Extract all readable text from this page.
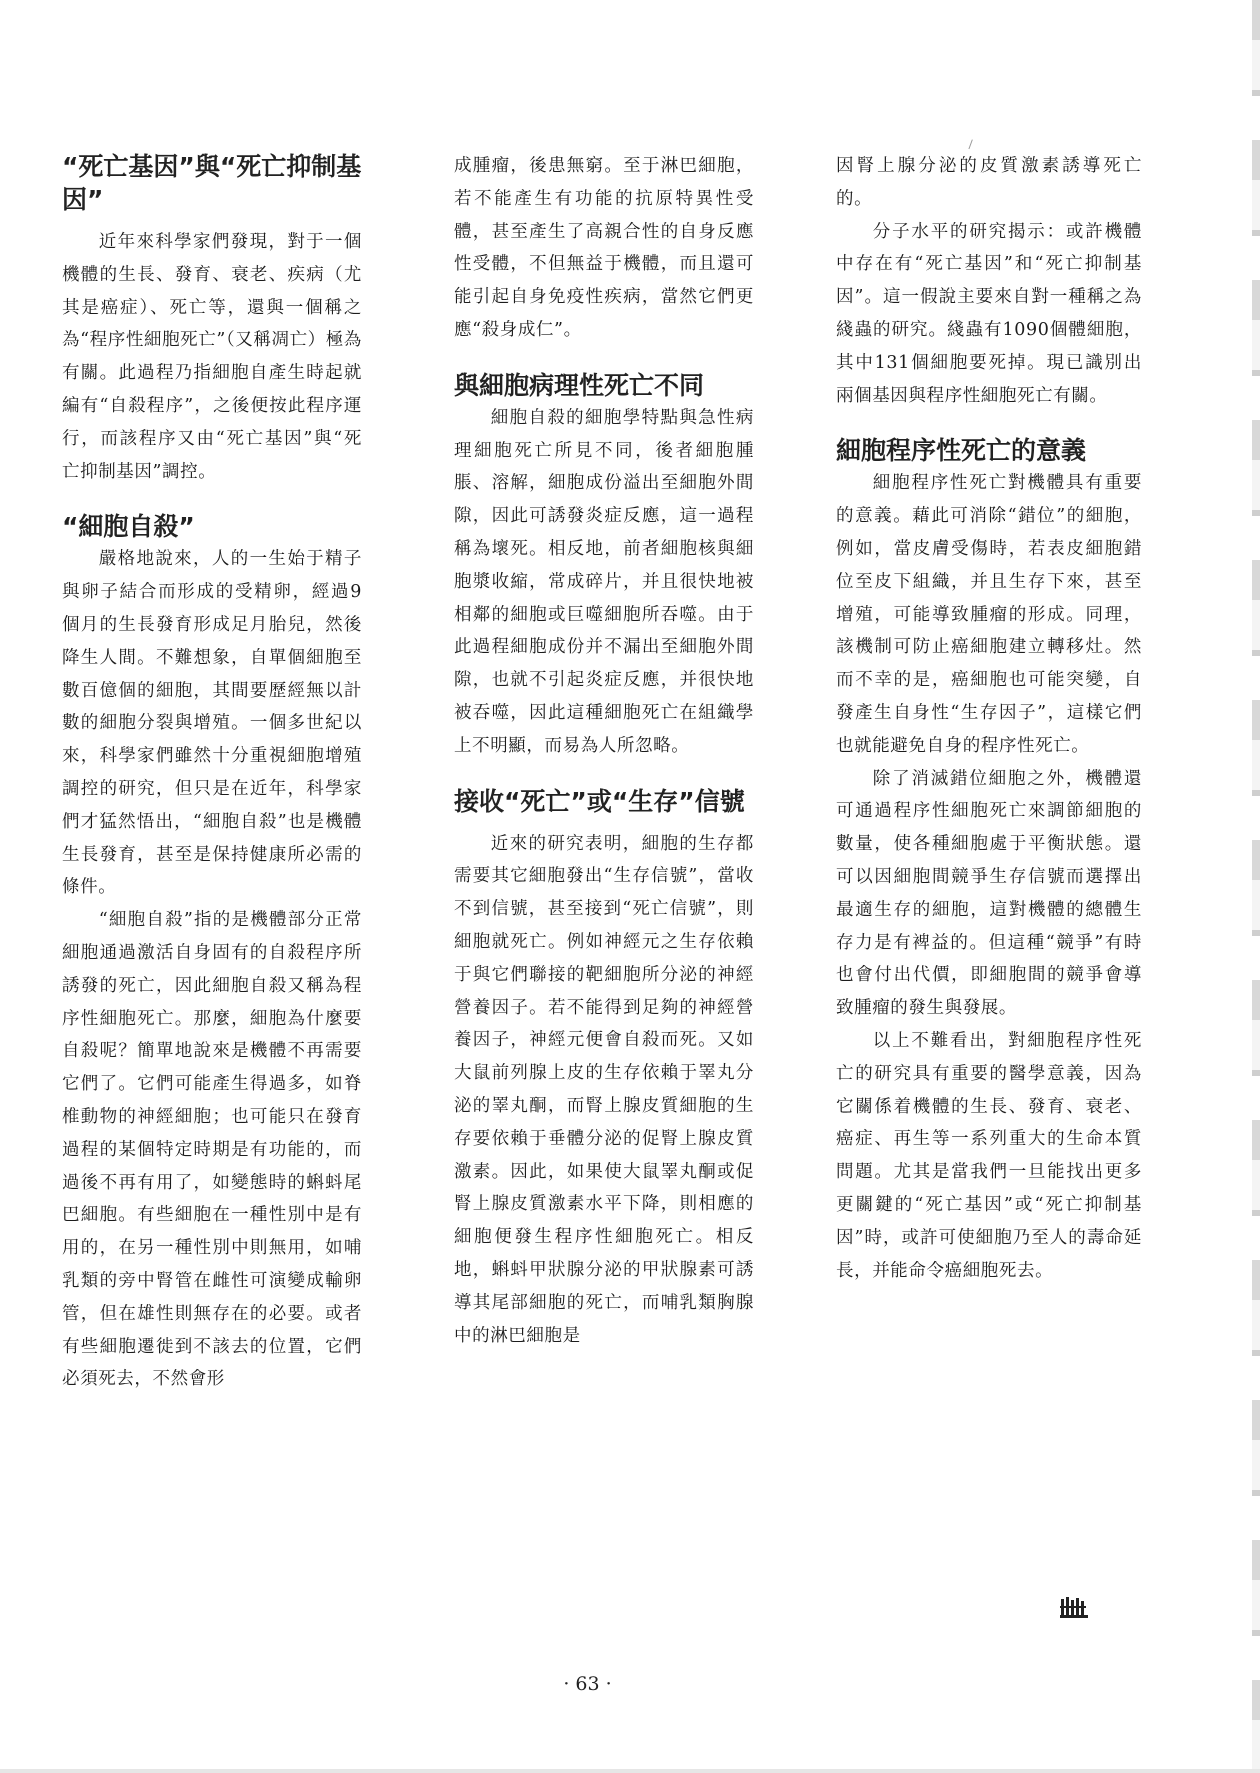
“死亡基因”與“死亡抑制基因”

近年來科學家們發現，對于一個機體的生長、發育、衰老、疾病（尤其是癌症）、死亡等，還與一個稱之為“程序性細胞死亡”（又稱凋亡）極為有關。此過程乃指細胞自產生時起就編有“自殺程序”，之後便按此程序運行，而該程序又由“死亡基因”與“死亡抑制基因”調控。

“細胞自殺”

嚴格地說來，人的一生始于精子與卵子結合而形成的受精卵，經過9個月的生長發育形成足月胎兒，然後降生人間。不難想象，自單個細胞至數百億個的細胞，其間要歷經無以計數的細胞分裂與增殖。一個多世紀以來，科學家們雖然十分重視細胞增殖調控的研究，但只是在近年，科學家們才猛然悟出，“細胞自殺”也是機體生長發育，甚至是保持健康所必需的條件。

“細胞自殺”指的是機體部分正常細胞通過激活自身固有的自殺程序所誘發的死亡，因此細胞自殺又稱為程序性細胞死亡。那麼，細胞為什麼要自殺呢？簡單地說來是機體不再需要它們了。它們可能產生得過多，如脊椎動物的神經細胞；也可能只在發育過程的某個特定時期是有功能的，而過後不再有用了，如變態時的蝌蚪尾巴細胞。有些細胞在一種性別中是有用的，在另一種性別中則無用，如哺乳類的旁中腎管在雌性可演變成輸卵管，但在雄性則無存在的必要。或者有些細胞遷徙到不該去的位置，它們必須死去，不然會形

成腫瘤，後患無窮。至于淋巴細胞，若不能產生有功能的抗原特異性受體，甚至產生了高親合性的自身反應性受體，不但無益于機體，而且還可能引起自身免疫性疾病，當然它們更應“殺身成仁”。

與細胞病理性死亡不同

細胞自殺的細胞學特點與急性病理細胞死亡所見不同，後者細胞腫脹、溶解，細胞成份溢出至細胞外間隙，因此可誘發炎症反應，這一過程稱為壞死。相反地，前者細胞核與細胞漿收縮，常成碎片，并且很快地被相鄰的細胞或巨噬細胞所吞噬。由于此過程細胞成份并不漏出至細胞外間隙，也就不引起炎症反應，并很快地被吞噬，因此這種細胞死亡在組織學上不明顯，而易為人所忽略。

接收“死亡”或“生存”信號

近來的研究表明，細胞的生存都需要其它細胞發出“生存信號”，當收不到信號，甚至接到“死亡信號”，則細胞就死亡。例如神經元之生存依賴于與它們聯接的靶細胞所分泌的神經營養因子。若不能得到足夠的神經營養因子，神經元便會自殺而死。又如大鼠前列腺上皮的生存依賴于睪丸分泌的睪丸酮，而腎上腺皮質細胞的生存要依賴于垂體分泌的促腎上腺皮質激素。因此，如果使大鼠睪丸酮或促腎上腺皮質激素水平下降，則相應的細胞便發生程序性細胞死亡。相反地，蝌蚪甲狀腺分泌的甲狀腺素可誘導其尾部細胞的死亡，而哺乳類胸腺中的淋巴細胞是

因腎上腺分泌的皮質激素誘導死亡的。

分子水平的研究揭示：或許機體中存在有“死亡基因”和“死亡抑制基因”。這一假說主要來自對一種稱之為綫蟲的研究。綫蟲有1090個體細胞，其中131個細胞要死掉。現已識別出兩個基因與程序性細胞死亡有關。

細胞程序性死亡的意義

細胞程序性死亡對機體具有重要的意義。藉此可消除“錯位”的細胞，例如，當皮膚受傷時，若表皮細胞錯位至皮下組織，并且生存下來，甚至增殖，可能導致腫瘤的形成。同理，該機制可防止癌細胞建立轉移灶。然而不幸的是，癌細胞也可能突變，自發產生自身性“生存因子”，這樣它們也就能避免自身的程序性死亡。

除了消滅錯位細胞之外，機體還可通過程序性細胞死亡來調節細胞的數量，使各種細胞處于平衡狀態。還可以因細胞間競爭生存信號而選擇出最適生存的細胞，這對機體的總體生存力是有裨益的。但這種“競爭”有時也會付出代價，即細胞間的競爭會導致腫瘤的發生與發展。

以上不難看出，對細胞程序性死亡的研究具有重要的醫學意義，因為它關係着機體的生長、發育、衰老、癌症、再生等一系列重大的生命本質問題。尤其是當我們一旦能找出更多更關鍵的“死亡基因”或“死亡抑制基因”時，或許可使細胞乃至人的壽命延長，并能命令癌細胞死去。

· 63 ·
